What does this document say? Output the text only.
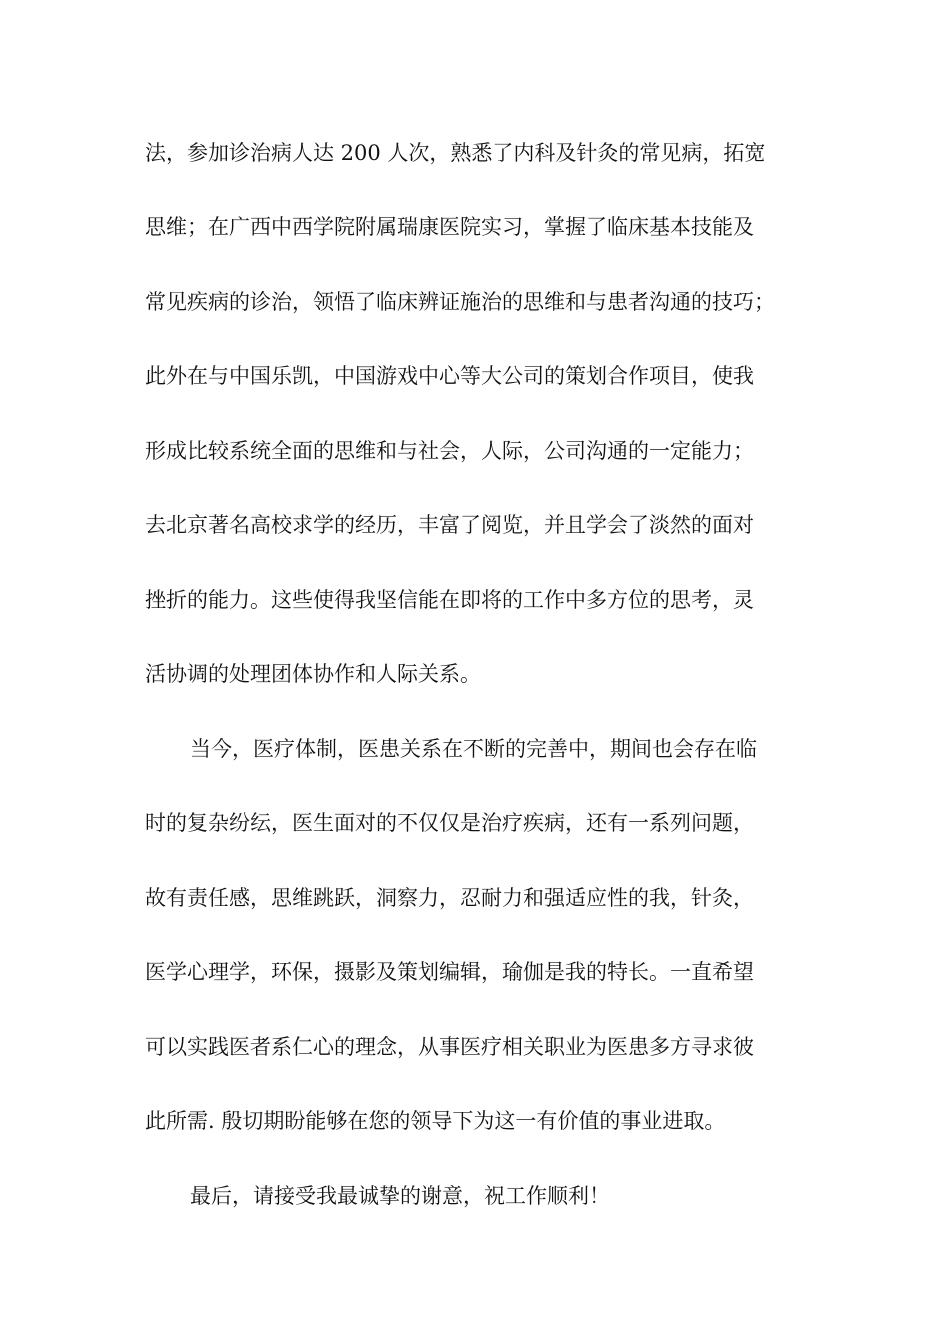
法，参加诊治病人达 200 人次，熟悉了内科及针灸的常见病，拓宽
思维；在广西中西学院附属瑞康医院实习，掌握了临床基本技能及
常见疾病的诊治，领悟了临床辨证施治的思维和与患者沟通的技巧；
此外在与中国乐凯，中国游戏中心等大公司的策划合作项目，使我
形成比较系统全面的思维和与社会，人际，公司沟通的一定能力；
去北京著名高校求学的经历，丰富了阅览，并且学会了淡然的面对
挫折的能力。这些使得我坚信能在即将的工作中多方位的思考，灵
活协调的处理团体协作和人际关系。
当今，医疗体制，医患关系在不断的完善中，期间也会存在临
时的复杂纷纭，医生面对的不仅仅是治疗疾病，还有一系列问题，
故有责任感，思维跳跃，洞察力，忍耐力和强适应性的我，针灸，
医学心理学，环保，摄影及策划编辑，瑜伽是我的特长。一直希望
可以实践医者系仁心的理念，从事医疗相关职业为医患多方寻求彼
此所需. 殷切期盼能够在您的领导下为这一有价值的事业进取。
最后，请接受我最诚挚的谢意，祝工作顺利！
